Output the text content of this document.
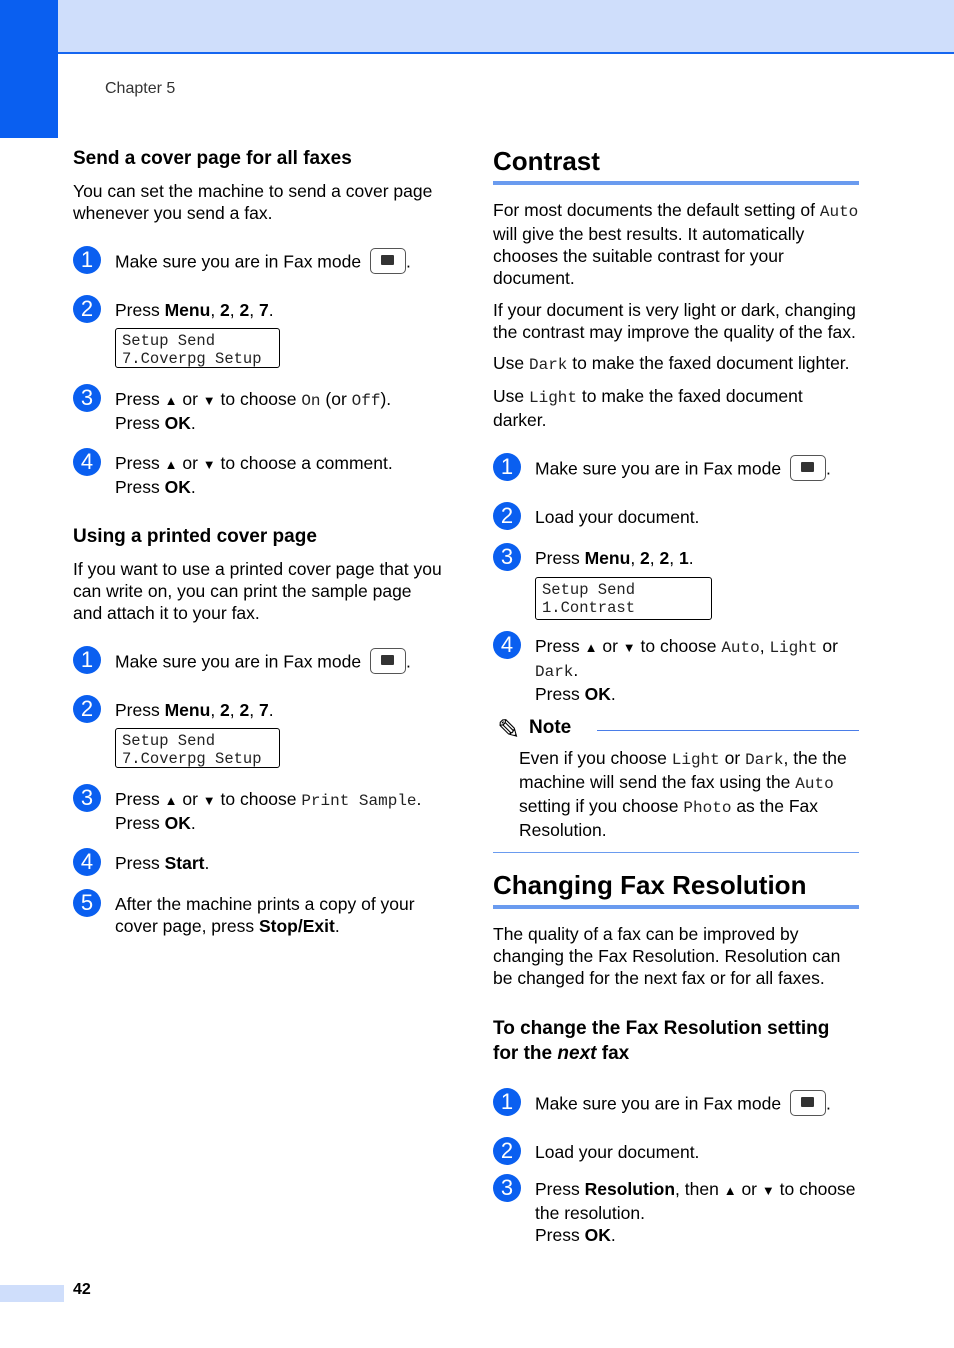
Chapter 5
Send a cover page for all faxes

You can set the machine to send a cover page whenever you send a fax.

1	Make sure you are in Fax mode	.
2	Press Menu, 2, 2, 7.
Setup Send
7.Coverpg Setup
3	Press ▲ or ▼ to choose On (or Off).
Press OK.
4	Press ▲ or ▼ to choose a comment.
Press OK.
Using a printed cover page

If you want to use a printed cover page that you can write on, you can print the sample page and attach it to your fax.

1	Make sure you are in Fax mode	.
2	Press Menu, 2, 2, 7.
Setup Send
7.Coverpg Setup
3	Press ▲ or ▼ to choose Print Sample.
Press OK.
4	Press Start.
5	After the machine prints a copy of your cover page, press Stop/Exit.
Contrast

For most documents the default setting of Auto will give the best results. It automatically chooses the suitable contrast for your document.

If your document is very light or dark, changing the contrast may improve the quality of the fax.

Use Dark to make the faxed document lighter.

Use Light to make the faxed document darker.

1	Make sure you are in Fax mode	.
2	Load your document.
3	Press Menu, 2, 2, 1.
Setup Send
1.Contrast
4	Press ▲ or ▼ to choose Auto, Light or Dark.
Press OK.
✎ Note
Even if you choose Light or Dark, the the machine will send the fax using the Auto setting if you choose Photo as the Fax Resolution.
Changing Fax Resolution

The quality of a fax can be improved by changing the Fax Resolution. Resolution can be changed for the next fax or for all faxes.

To change the Fax Resolution setting for the next fax
1	Make sure you are in Fax mode	.
2	Load your document.
3	Press Resolution, then ▲ or ▼ to choose the resolution.
Press OK.
42
